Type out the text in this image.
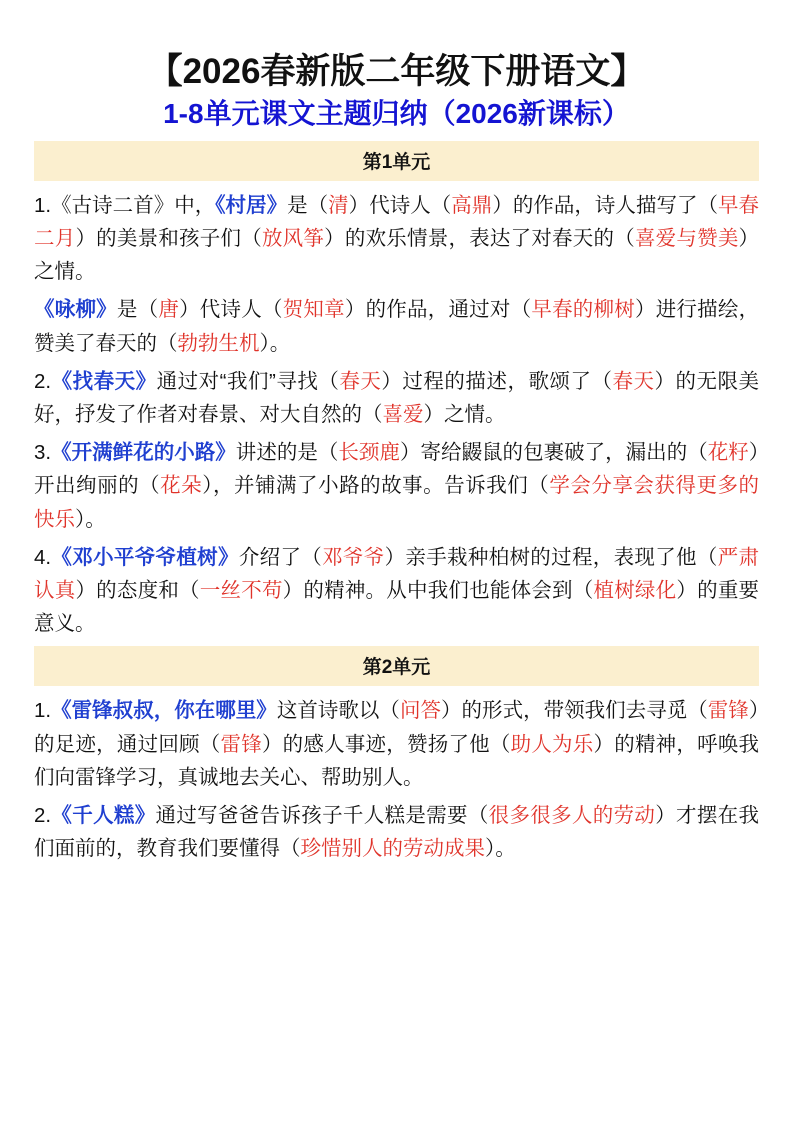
【2026春新版二年级下册语文】
1-8单元课文主题归纳（2026新课标）
第1单元

1.《古诗二首》中，《村居》是（清）代诗人（高鼎）的作品，诗人描写了（早春二月）的美景和孩子们（放风筝）的欢乐情景，表达了对春天的（喜爱与赞美）之情。

《咏柳》是（唐）代诗人（贺知章）的作品，通过对（早春的柳树）进行描绘，赞美了春天的（勃勃生机）。

2.《找春天》通过对“我们”寻找（春天）过程的描述，歌颂了（春天）的无限美好，抒发了作者对春景、对大自然的（喜爱）之情。

3.《开满鲜花的小路》讲述的是（长颈鹿）寄给鼹鼠的包裹破了，漏出的（花籽）开出绚丽的（花朵），并铺满了小路的故事。告诉我们（学会分享会获得更多的快乐）。

4.《邓小平爷爷植树》介绍了（邓爷爷）亲手栽种柏树的过程，表现了他（严肃认真）的态度和（一丝不苟）的精神。从中我们也能体会到（植树绿化）的重要意义。

第2单元

1.《雷锋叔叔，你在哪里》这首诗歌以（问答）的形式，带领我们去寻觅（雷锋）的足迹，通过回顾（雷锋）的感人事迹，赞扬了他（助人为乐）的精神，呼唤我们向雷锋学习，真诚地去关心、帮助别人。

2.《千人糕》通过写爸爸告诉孩子千人糕是需要（很多很多人的劳动）才摆在我们面前的，教育我们要懂得（珍惜别人的劳动成果）。
